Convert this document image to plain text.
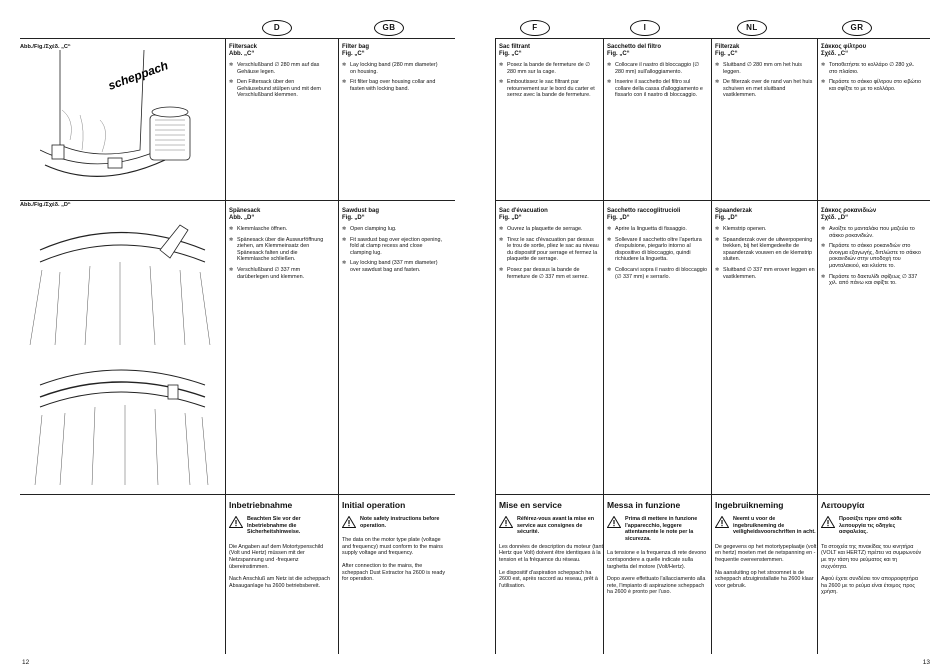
D	GB
Abb./Fig./Σχέδ. „C“
Abb./Fig./Σχέδ. „D“
scheppach
Filtersack
Abb. „C“
✲ Verschlußband ∅ 280 mm auf das Gehäuse legen.
✲ Den Filtersack über den Gehäusebund stülpen und mit dem Verschlußband klemmen.
Spänesack
Abb. „D“
✲ Klemmlasche öffnen.
✲ Spänesack über die Auswurföffnung ziehen, am Klemmeinsatz den Spänesack falten und die Klemmlasche schließen.
✲ Verschlußband ∅ 337 mm darüberlegen und klemmen.
Inbetriebnahme
Beachten Sie vor der Inbetriebnahme die Sicherheitshinweise.

Die Angaben auf dem Motortypenschild (Volt und Hertz) müssen mit der Netzspannung und -frequenz übereinstimmen.

Nach Anschluß am Netz ist die scheppach Absauganlage ha 2600 betriebsbereit.

Filter bag
Fig. „C“
✲ Lay locking band (280 mm diameter) on housing.
✲ Fit filter bag over housing collar and fasten with locking band.
Sawdust bag
Fig. „D“
✲ Open clamping lug.
✲ Fit sawdust bag over ejection opening, fold at clamp recess and close clamping lug.
✲ Lay locking band (337 mm diameter) over sawdust bag and fasten.
Initial operation
Note safety instructions before operation.

The data on the motor type plate (voltage and frequency) must conform to the mains supply voltage and frequency.

After connection to the mains, the scheppach Dust Extractor ha 2600 is ready for operation.

12
F	I	NL	GR
Sac filtrant
Fig. „C“
✲ Posez la bande de fermeture de ∅ 280 mm sur la cage.
✲ Emboutissez le sac filtrant par retournement sur le bord du carter et serrez avec la bande de fermeture.
Sac d'évacuation
Fig. „D“
✲ Ouvrez la plaquette de serrage.
✲ Tirez le sac d'évacuation par dessus le trou de sortie, pliez le sac au niveau du dispositif pour serrage et fermez la plaquette de serrage.
✲ Posez par dessus la bande de fermeture de ∅ 337 mm et serrez.
Mise en service
Référez-vous avant la mise en service aux consignes de sécurité.

Les données de description du moteur (tant Hertz que Volt) doivent être identiques à la tension et la fréquence du réseau.

Le dispositif d'aspiration scheppach ha 2600 est, après raccord au reseau, prêt à l'utilisation.

Sacchetto del filtro
Fig. „C“
✲ Collocare il nastro di bloccaggio (∅ 280 mm) sull'alloggiamento.
✲ Inserire il sacchetto del filtro sul collare della cassa d'alloggiamento e fissarlo con il nastro di bloccaggio.
Sacchetto raccoglitrucioli
Fig. „D“
✲ Aprire la linguetta di fissaggio.
✲ Sollevare il sacchetto oltre l'apertura d'espulsione, piegarlo intorno al dispositivo di bloccaggio, quindi richiudere la linguetta.
✲ Collocarvi sopra il nastro di bloccaggio (∅ 337 mm) e serrarlo.
Messa in funzione
Prima di mettere in funzione l'apparecchio, leggere attentamente le note per la sicurezza.

La tensione e la frequenza di rete devono corrispondere a quelle indicate sulla targhetta del motore (Volt/Hertz).

Dopo avere effettuato l'allacciamento alla rete, l'impianto di aspirazione scheppach ha 2600 è pronto per l'uso.

Filterzak
Fig. „C“
✲ Sluitband ∅ 280 mm om het huis leggen.
✲ De filterzak over de rand van het huis schuiven en met sluitband vastklemmen.
Spaanderzak
Fig. „D“
✲ Klemstrip openen.
✲ Spaanderzak over de uitwerpopening trekken, bij het klemgedeelte de spaanderzak vouwen en de klemstrip sluiten.
✲ Sluitband ∅ 337 mm erover leggen en vastklemmen.
Ingebruikneming
Neemt u voor de ingebruikneming de veiligheidsvoorschriften in acht.

De gegevens op het motortypeplaatje (volt en hertz) moeten met de netspanning en -frequentie overeenstemmen.

Na aansluiting op het stroomnet is de scheppach afzuiginstallatie ha 2600 klaar voor gebruik.

Σάκκος φίλτρου
Σχέδ. „C“
✲ Τοποθετήστε το κολλάρο ∅ 280 χιλ. στο πλαίσιο.
✲ Περάστε το σάκκο φίλτρου στο κιβώτιο και σφίξτε το με το κολλάρο.
Σάκκος ροκανιδιών
Σχέδ. „D“
✲ Ανοίξτε το μανταλάκι που μαζεύει το σάκκο ροκανιδιών.
✲ Περάστε το σάκκο ροκανιδιών στο άνοιγμα εξαγωγής, διπλώστε το σάκκο ροκανιδιών στην υποδοχή του μανταλακιού, και κλείστε το.
✲ Περάστε το δακτυλίδι σφίξεως ∅ 337 χιλ. από πάνω και σφίξτε το.
Λειτουργία
Προσέξτε πριν από κάθε λειτουργία τις οδηγίες ασφαλείας.

Τα στοιχεία της πινακίδας του κινητήρα (VOLT και HERTZ) πρέπει να συμφωνούν με την τάση του ρεύματος και τη συχνότητα.

Αφού έχετε συνδέσει τον απορροφητήρα ha 2600 με το ρεύμα είναι έτοιμος προς χρήση.

13
